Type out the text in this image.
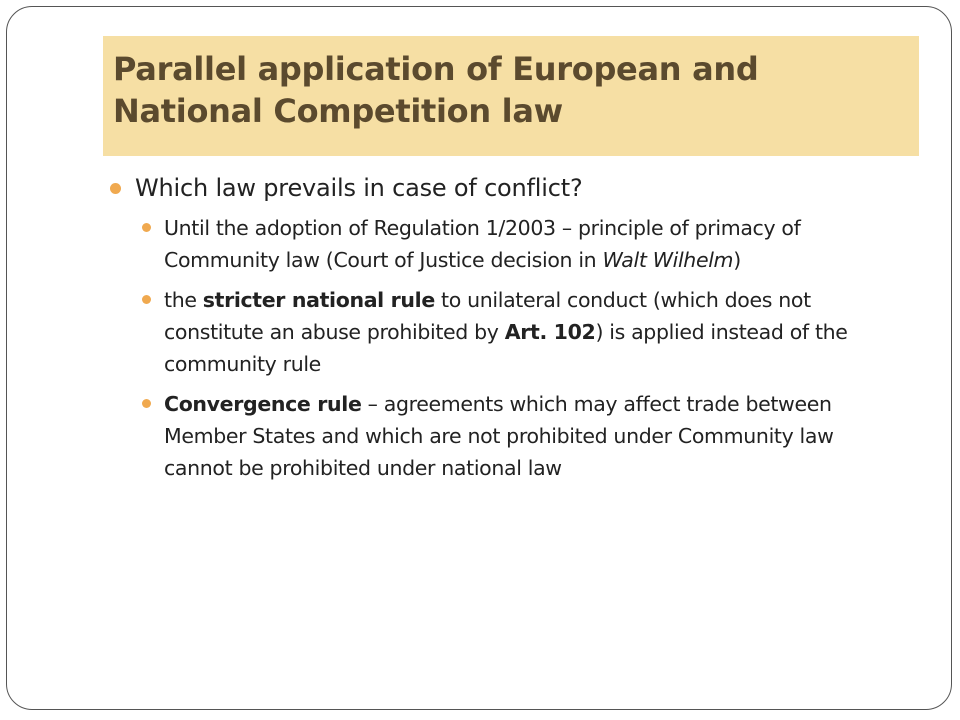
Parallel application of European and
National Competition law
Which law prevails in case of conflict?
Until the adoption of Regulation 1/2003 – principle of primacy of Community law (Court of Justice decision in Walt Wilhelm)
the stricter national rule to unilateral conduct (which does not constitute an abuse prohibited by Art. 102) is applied instead of the community rule
Convergence rule – agreements which may affect trade between Member States and which are not prohibited under Community law cannot be prohibited under national law
